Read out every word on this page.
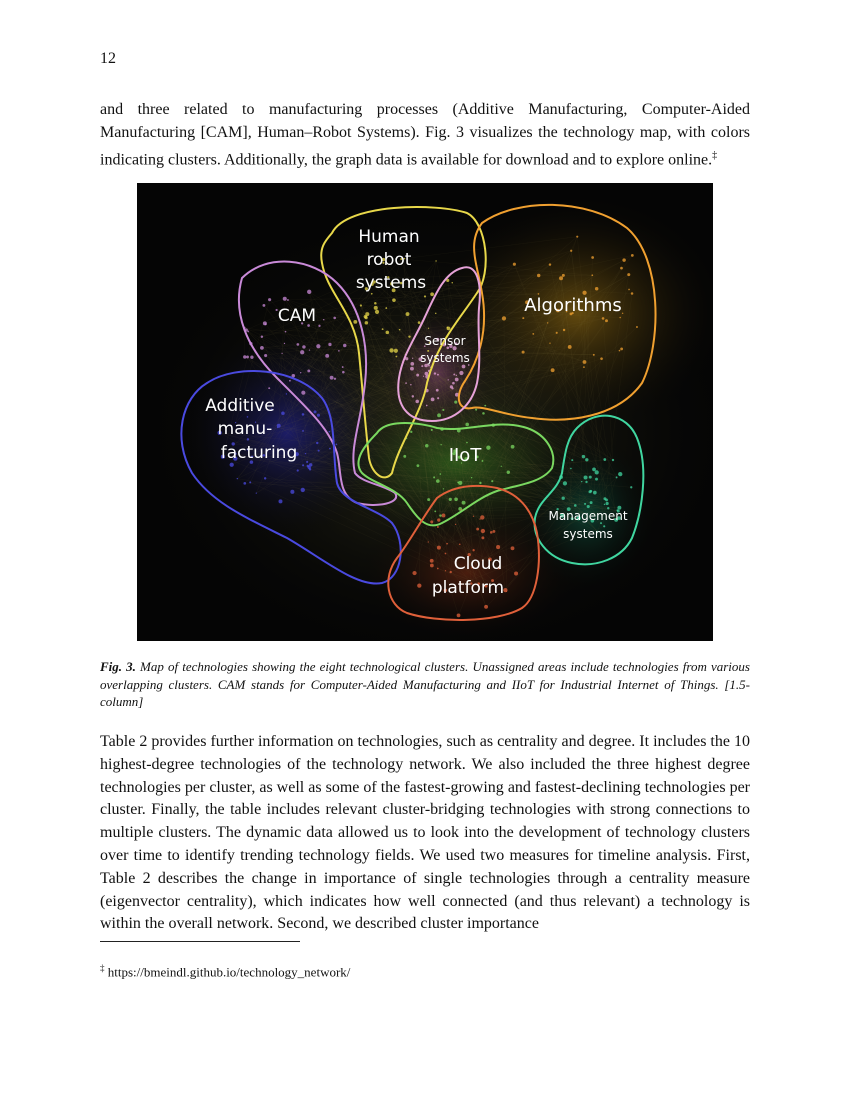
12

and three related to manufacturing processes (Additive Manufacturing, Computer-Aided Manufacturing [CAM], Human–Robot Systems). Fig. 3 visualizes the technology map, with colors indicating clusters. Additionally, the graph data is available for download and to explore online.‡

Human
robot
systems
CAM	Algorithms
Sensor
systems
Additive
manu-
facturing	IIoT
Management
systems
Cloud
platform

Fig. 3. Map of technologies showing the eight technological clusters. Unassigned areas include technologies from various overlapping clusters. CAM stands for Computer-Aided Manufacturing and IIoT for Industrial Internet of Things. [1.5-column]

Table 2 provides further information on technologies, such as centrality and degree. It includes the 10 highest-degree technologies of the technology network. We also included the three highest degree technologies per cluster, as well as some of the fastest-growing and fastest-declining technologies per cluster. Finally, the table includes relevant cluster-bridging technologies with strong connections to multiple clusters. The dynamic data allowed us to look into the development of technology clusters over time to identify trending technology fields. We used two measures for timeline analysis. First, Table 2 describes the change in importance of single technologies through a centrality measure (eigenvector centrality), which indicates how well connected (and thus relevant) a technology is within the overall network. Second, we described cluster importance

‡ https://bmeindl.github.io/technology_network/
